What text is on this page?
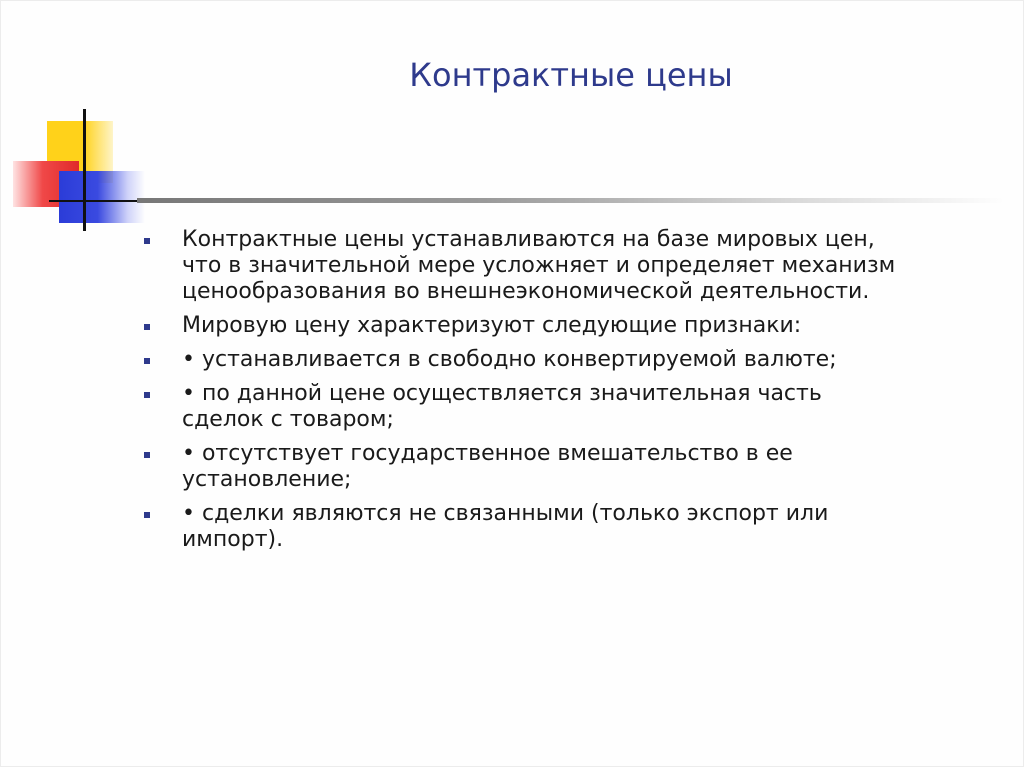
Контрактные цены
Контрактные цены устанавливаются на базе мировых цен,
что в значительной мере усложняет и определяет механизм
ценообразования во внешнеэкономической деятельности.
Мировую цену характеризуют следующие признаки:
• устанавливается в свободно конвертируемой валюте;
• по данной цене осуществляется значительная часть
сделок с товаром;
• отсутствует государственное вмешательство в ее
установление;
• сделки являются не связанными (только экспорт или
импорт).
